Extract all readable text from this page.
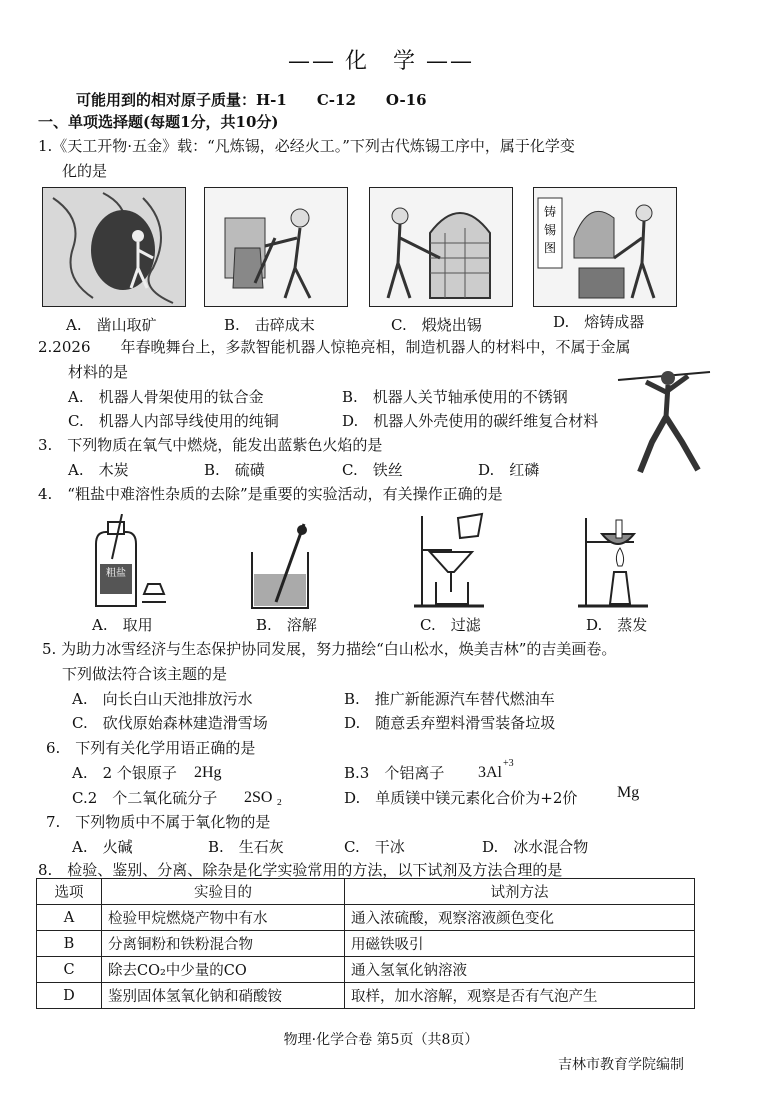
—— 化　学 ——
可能用到的相对原子质量：H-1　　C-12　　O-16
一、单项选择题(每题1分，共10分)
1.《天工开物·五金》载：“凡炼锡，必经火工。”下列古代炼锡工序中，属于化学变
化的是
铸
锡
图
A.　凿山取矿	B.　击碎成末	C.　煅烧出锡	D.　熔铸成器
2.2026　　年春晚舞台上，多款智能机器人惊艳亮相，制造机器人的材料中，不属于金属
材料的是
A.　机器人骨架使用的钛合金	B.　机器人关节轴承使用的不锈钢
C.　机器人内部导线使用的纯铜	D.　机器人外壳使用的碳纤维复合材料
3.　下列物质在氧气中燃烧，能发出蓝紫色火焰的是
A.　木炭	B.　硫磺	C.　铁丝	D.　红磷
4.　“粗盐中难溶性杂质的去除”是重要的实验活动，有关操作正确的是
粗盐
A.　取用	B.　溶解	C.　过滤	D.　蒸发
5. 为助力冰雪经济与生态保护协同发展，努力描绘“白山松水，焕美吉林”的吉美画卷。
下列做法符合该主题的是
A.　向长白山天池排放污水	B.　推广新能源汽车替代燃油车
C.　砍伐原始森林建造滑雪场	D.　随意丢弃塑料滑雪装备垃圾
6.　下列有关化学用语正确的是
A.　2 个银原子 2Hg	B.3　个铝离子 3Al
+3
C.2　个二氧化硫分子 2SO ₂	D.　单质镁中镁元素化合价为+2价 Mg
7.　下列物质中不属于氧化物的是
A.　火碱	B.　生石灰	C.　干冰	D.　冰水混合物
8.　检验、鉴别、分离、除杂是化学实验常用的方法，以下试剂及方法合理的是
选项	实验目的	试剂方法
A	检验甲烷燃烧产物中有水	通入浓硫酸，观察溶液颜色变化
B	分离铜粉和铁粉混合物	用磁铁吸引
C	除去CO₂中少量的CO	通入氢氧化钠溶液
D	鉴别固体氢氧化钠和硝酸铵	取样，加水溶解，观察是否有气泡产生
物理·化学合卷 第5页（共8页）
吉林市教育学院编制
